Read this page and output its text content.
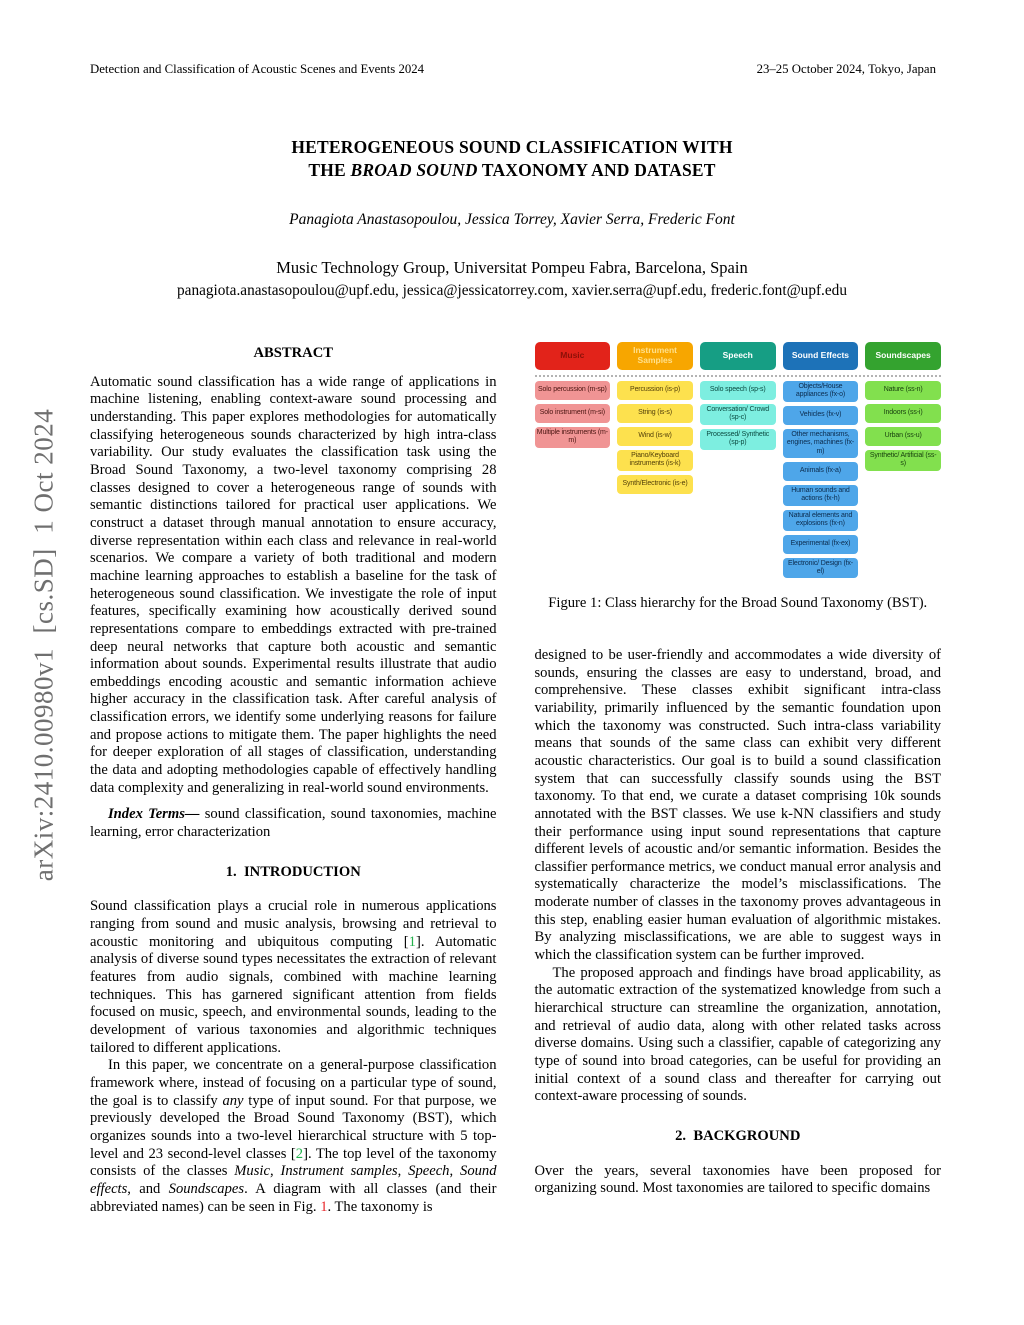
Detection and Classification of Acoustic Scenes and Events 2024	23–25 October 2024, Tokyo, Japan
arXiv:2410.00980v1  [cs.SD]  1 Oct 2024
HETEROGENEOUS SOUND CLASSIFICATION WITH
THE BROAD SOUND TAXONOMY AND DATASET
Panagiota Anastasopoulou, Jessica Torrey, Xavier Serra, Frederic Font
Music Technology Group, Universitat Pompeu Fabra, Barcelona, Spain
panagiota.anastasopoulou@upf.edu, jessica@jessicatorrey.com, xavier.serra@upf.edu, frederic.font@upf.edu
ABSTRACT

Automatic sound classification has a wide range of applications in machine listening, enabling context-aware sound processing and understanding. This paper explores methodologies for automatically classifying heterogeneous sounds characterized by high intra-class variability. Our study evaluates the classification task using the Broad Sound Taxonomy, a two-level taxonomy comprising 28 classes designed to cover a heterogeneous range of sounds with semantic distinctions tailored for practical user applications. We construct a dataset through manual annotation to ensure accuracy, diverse representation within each class and relevance in real-world scenarios. We compare a variety of both traditional and modern machine learning approaches to establish a baseline for the task of heterogeneous sound classification. We investigate the role of input features, specifically examining how acoustically derived sound representations compare to embeddings extracted with pre-trained deep neural networks that capture both acoustic and semantic information about sounds. Experimental results illustrate that audio embeddings encoding acoustic and semantic information achieve higher accuracy in the classification task. After careful analysis of classification errors, we identify some underlying reasons for failure and propose actions to mitigate them. The paper highlights the need for deeper exploration of all stages of classification, understanding the data and adopting methodologies capable of effectively handling data complexity and generalizing in real-world sound environments.

Index Terms— sound classification, sound taxonomies, machine learning, error characterization

1.  INTRODUCTION

Sound classification plays a crucial role in numerous applications ranging from sound and music analysis, browsing and retrieval to acoustic monitoring and ubiquitous computing [1]. Automatic analysis of diverse sound types necessitates the extraction of relevant features from audio signals, combined with machine learning techniques. This has garnered significant attention from fields focused on music, speech, and environmental sounds, leading to the development of various taxonomies and algorithmic techniques tailored to different applications.

In this paper, we concentrate on a general-purpose classification framework where, instead of focusing on a particular type of sound, the goal is to classify any type of input sound. For that purpose, we previously developed the Broad Sound Taxonomy (BST), which organizes sounds into a two-level hierarchical structure with 5 top-level and 23 second-level classes [2]. The top level of the taxonomy consists of the classes Music, Instrument samples, Speech, Sound effects, and Soundscapes. A diagram with all classes (and their abbreviated names) can be seen in Fig. 1. The taxonomy is

Music
Solo percussion (m-sp)
Solo instrument (m-si)
Multiple instruments (m-m)
Instrument Samples
Percussion (is-p)
String (is-s)
Wind (is-w)
Piano/Keyboard instruments (is-k)
Synth/Electronic (is-e)
Speech
Solo speech (sp-s)
Conversation/ Crowd (sp-c)
Processed/ Synthetic (sp-p)
Sound Effects
Objects/House appliances (fx-o)
Vehicles (fx-v)
Other mechanisms, engines, machines (fx-m)
Animals (fx-a)
Human sounds and actions (fx-h)
Natural elements and explosions (fx-n)
Experimental (fx-ex)
Electronic/ Design (fx-el)
Soundscapes
Nature (ss-n)
Indoors (ss-i)
Urban (ss-u)
Synthetic/ Artificial (ss-s)
Figure 1: Class hierarchy for the Broad Sound Taxonomy (BST).

designed to be user-friendly and accommodates a wide diversity of sounds, ensuring the classes are easy to understand, broad, and comprehensive. These classes exhibit significant intra-class variability, primarily influenced by the semantic foundation upon which the taxonomy was constructed. Such intra-class variability means that sounds of the same class can exhibit very different acoustic characteristics. Our goal is to build a sound classification system that can successfully classify sounds using the BST taxonomy. To that end, we curate a dataset comprising 10k sounds annotated with the BST classes. We use k-NN classifiers and study their performance using input sound representations that capture different levels of acoustic and/or semantic information. Besides the classifier performance metrics, we conduct manual error analysis and systematically characterize the model’s misclassifications. The moderate number of classes in the taxonomy proves advantageous in this step, enabling easier human evaluation of algorithmic mistakes. By analyzing misclassifications, we are able to suggest ways in which the classification system can be further improved.

The proposed approach and findings have broad applicability, as the automatic extraction of the systematized knowledge from such a hierarchical structure can streamline the organization, annotation, and retrieval of audio data, along with other related tasks across diverse domains. Using such a classifier, capable of categorizing any type of sound into broad categories, can be useful for providing an initial context of a sound class and thereafter for carrying out context-aware processing of sounds.

2.  BACKGROUND

Over the years, several taxonomies have been proposed for organizing sound. Most taxonomies are tailored to specific domains
